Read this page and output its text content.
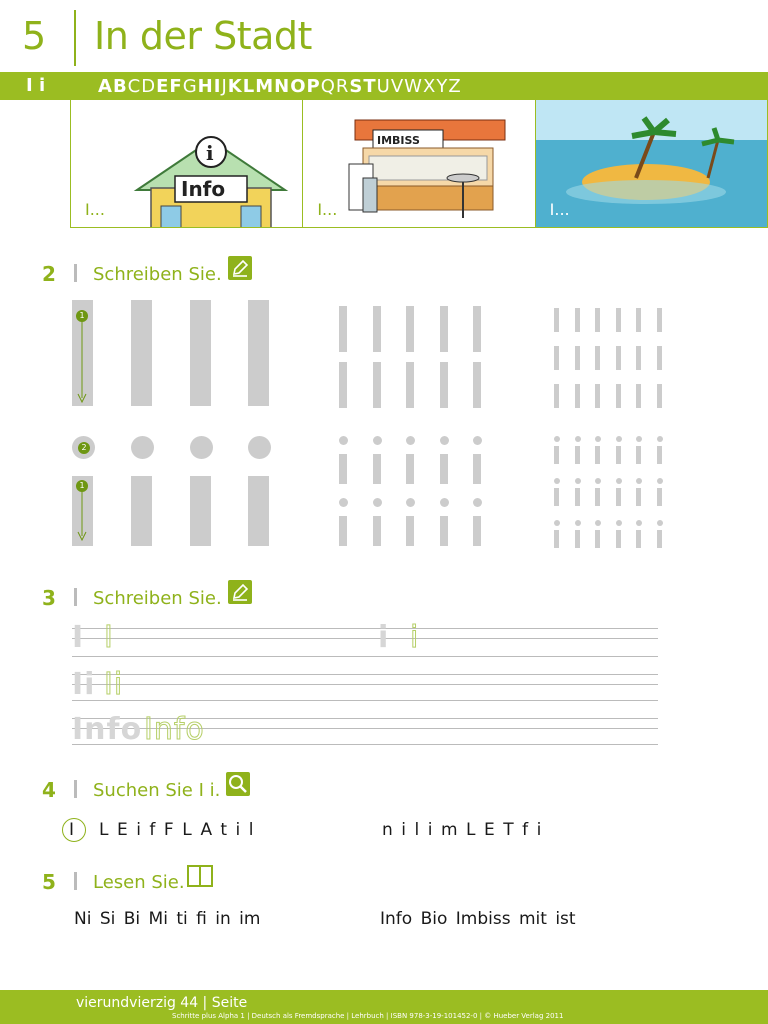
5 In der Stadt
I i	ABCDEFGHIJKLMNOPQRSTUVWXYZ
i
Info
I...
IMBISS
I...	I...
2 Schreiben Sie.
1
2
1
3 Schreiben Sie.
I I	i i
Ii Ii
Info Info
4 Suchen Sie I i.
I LEifFLAtil	nilimLETfi
5 Lesen Sie.
Ni Si Bi Mi ti fi in im	Info Bio Imbiss mit ist
vierundvierzig 44 | Seite
Schritte plus Alpha 1 | Deutsch als Fremdsprache | Lehrbuch | ISBN 978-3-19-101452-0 | © Hueber Verlag 2011
